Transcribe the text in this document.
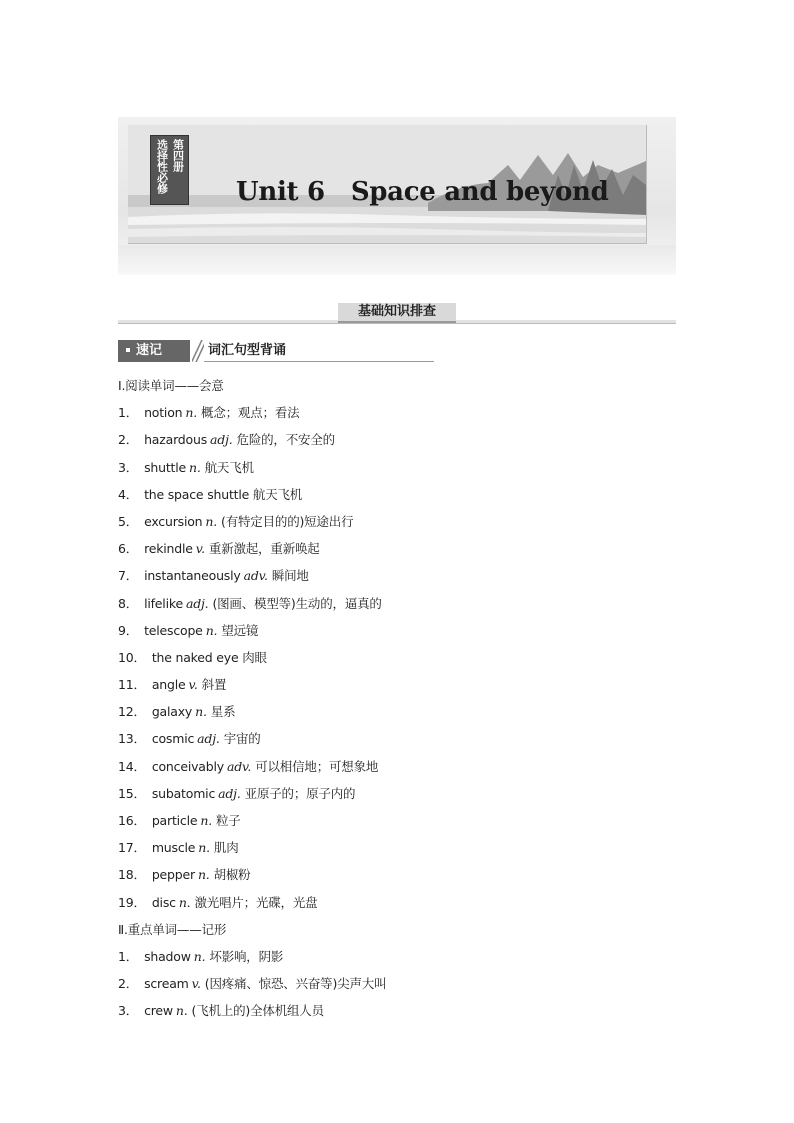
第四册
选择性必修	Unit 6 Space and beyond
基础知识排查
速记	词汇句型背诵
Ⅰ.阅读单词——会意
1． notion n. 概念；观点；看法
2． hazardous adj. 危险的，不安全的
3． shuttle n. 航天飞机
4． the space shuttle 航天飞机
5． excursion n. (有特定目的的)短途出行
6． rekindle v. 重新激起，重新唤起
7． instantaneously adv. 瞬间地
8． lifelike adj. (图画、模型等)生动的，逼真的
9． telescope n. 望远镜
10． the naked eye 肉眼
11． angle v. 斜置
12． galaxy n. 星系
13． cosmic adj. 宇宙的
14． conceivably adv. 可以相信地；可想象地
15． subatomic adj. 亚原子的；原子内的
16． particle n. 粒子
17． muscle n. 肌肉
18． pepper n. 胡椒粉
19． disc n. 激光唱片；光碟，光盘
Ⅱ.重点单词——记形
1． shadow n. 坏影响，阴影
2． scream v. (因疼痛、惊恐、兴奋等)尖声大叫
3． crew n. (飞机上的)全体机组人员
